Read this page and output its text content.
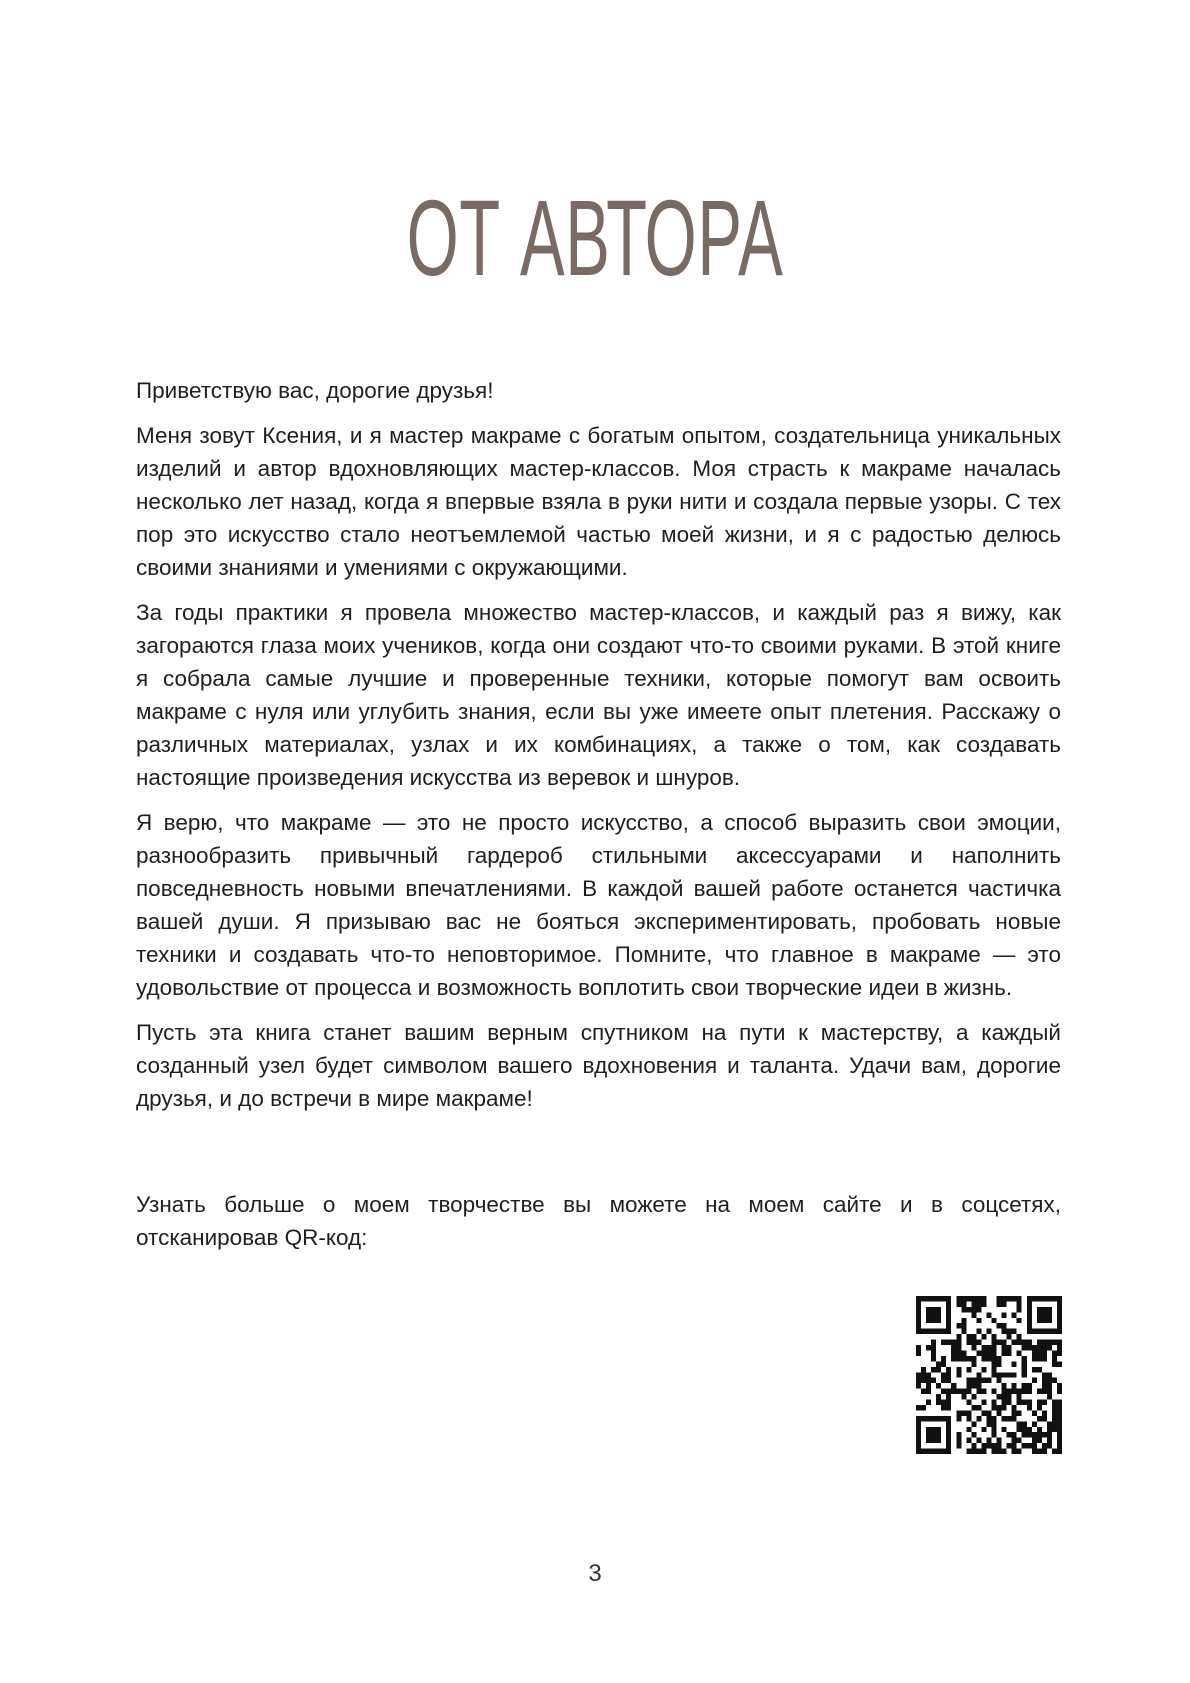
ОТ АВТОРА

Приветствую вас, дорогие друзья!

Меня зовут Ксения, и я мастер макраме с богатым опытом, создательница уникальных изделий и автор вдохновляющих мастер-классов. Моя страсть к макраме началась несколько лет назад, когда я впервые взяла в руки нити и создала первые узоры. С тех пор это искусство стало неотъемлемой частью моей жизни, и я с радостью делюсь своими знаниями и умениями с окружающими.

За годы практики я провела множество мастер-классов, и каждый раз я вижу, как загораются глаза моих учеников, когда они создают что-то своими руками. В этой книге я собрала самые лучшие и проверенные техники, которые помогут вам освоить макраме с нуля или углубить знания, если вы уже имеете опыт плетения. Расскажу о различных материалах, узлах и их комбинациях, а также о том, как создавать настоящие произведения искусства из веревок и шнуров.

Я верю, что макраме — это не просто искусство, а способ выразить свои эмоции, разнообразить привычный гардероб стильными аксессуарами и наполнить повседневность новыми впечатлениями. В каждой вашей работе останется частичка вашей души. Я призываю вас не бояться экспериментировать, пробовать новые техники и создавать что-то неповторимое. Помните, что главное в макраме — это удовольствие от процесса и возможность воплотить свои творческие идеи в жизнь.

Пусть эта книга станет вашим верным спутником на пути к мастерству, а каждый созданный узел будет символом вашего вдохновения и таланта. Удачи вам, дорогие друзья, и до встречи в мире макраме!

Узнать больше о моем творчестве вы можете на моем сайте и в соцсетях, отсканировав QR-код:

3
